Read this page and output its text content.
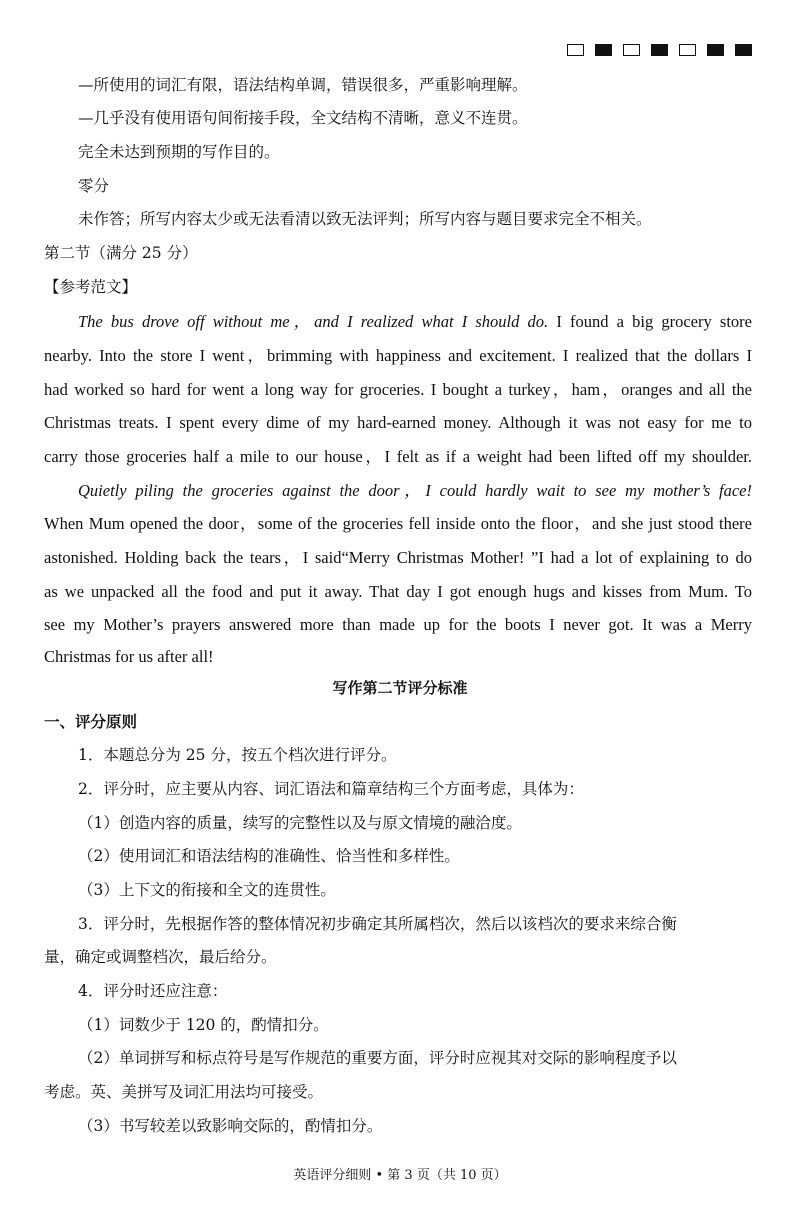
—所使用的词汇有限，语法结构单调，错误很多，严重影响理解。
—几乎没有使用语句间衔接手段，全文结构不清晰，意义不连贯。
完全未达到预期的写作目的。
零分
未作答；所写内容太少或无法看清以致无法评判；所写内容与题目要求完全不相关。
第二节（满分 25 分）
【参考范文】
The bus drove off without me，and I realized what I should do. I found a big grocery store
nearby. Into the store I went，brimming with happiness and excitement. I realized that the dollars I
had worked so hard for went a long way for groceries. I bought a turkey，ham，oranges and all the
Christmas treats. I spent every dime of my hard-earned money. Although it was not easy for me to
carry those groceries half a mile to our house，I felt as if a weight had been lifted off my shoulder.
Quietly piling the groceries against the door，I could hardly wait to see my mother’s face!
When Mum opened the door，some of the groceries fell inside onto the floor，and she just stood there
astonished. Holding back the tears，I said“Merry Christmas Mother! ”I had a lot of explaining to do
as we unpacked all the food and put it away. That day I got enough hugs and kisses from Mum. To
see my Mother’s prayers answered more than made up for the boots I never got. It was a Merry
Christmas for us after all!
写作第二节评分标准
一、评分原则
1．本题总分为 25 分，按五个档次进行评分。
2．评分时，应主要从内容、词汇语法和篇章结构三个方面考虑，具体为：
（1）创造内容的质量，续写的完整性以及与原文情境的融洽度。
（2）使用词汇和语法结构的准确性、恰当性和多样性。
（3）上下文的衔接和全文的连贯性。
3．评分时，先根据作答的整体情况初步确定其所属档次，然后以该档次的要求来综合衡
量，确定或调整档次，最后给分。
4．评分时还应注意：
（1）词数少于 120 的，酌情扣分。
（2）单词拼写和标点符号是写作规范的重要方面，评分时应视其对交际的影响程度予以
考虑。英、美拼写及词汇用法均可接受。
（3）书写较差以致影响交际的，酌情扣分。
英语评分细则 • 第 3 页（共 10 页）
